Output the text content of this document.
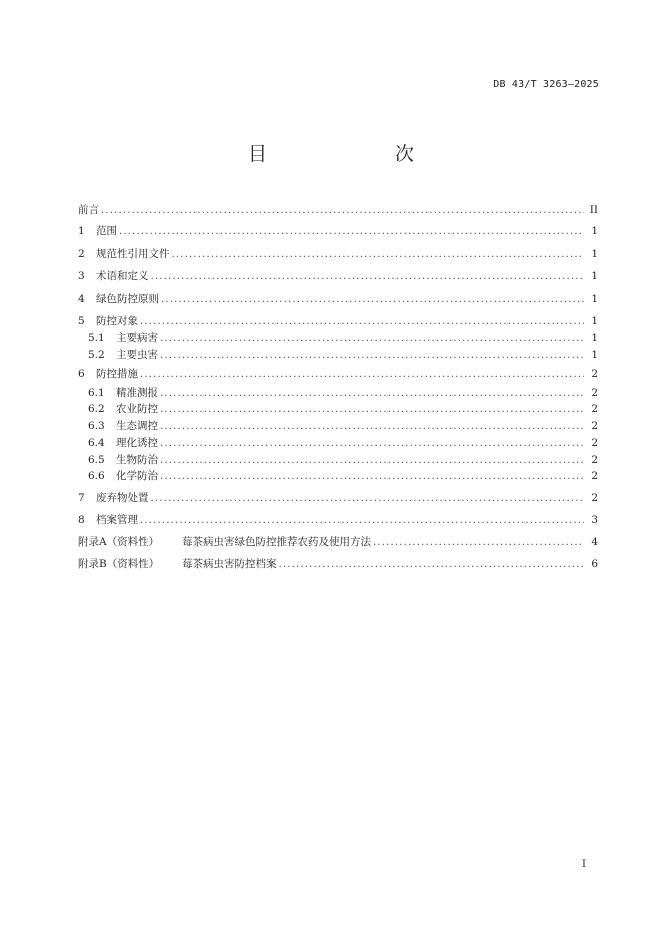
DB 43/T 3263—2025
目　　次
前言 .....	II
1	范围 .....	1
2	规范性引用文件 .....	1
3	术语和定义 .....	1
4	绿色防控原则 .....	1
5	防控对象 .....	1
5.1	主要病害 .....	1
5.2	主要虫害 .....	1
6	防控措施 .....	2
6.1	精准测报 .....	2
6.2	农业防控 .....	2
6.3	生态调控 .....	2
6.4	理化诱控 .....	2
6.5	生物防治 .....	2
6.6	化学防治 .....	2
7	废弃物处置 .....	2
8	档案管理 .....	3
附录A（资料性）	莓茶病虫害绿色防控推荐农药及使用方法 .....	4
附录B（资料性）	莓茶病虫害防控档案 .....	6
I
